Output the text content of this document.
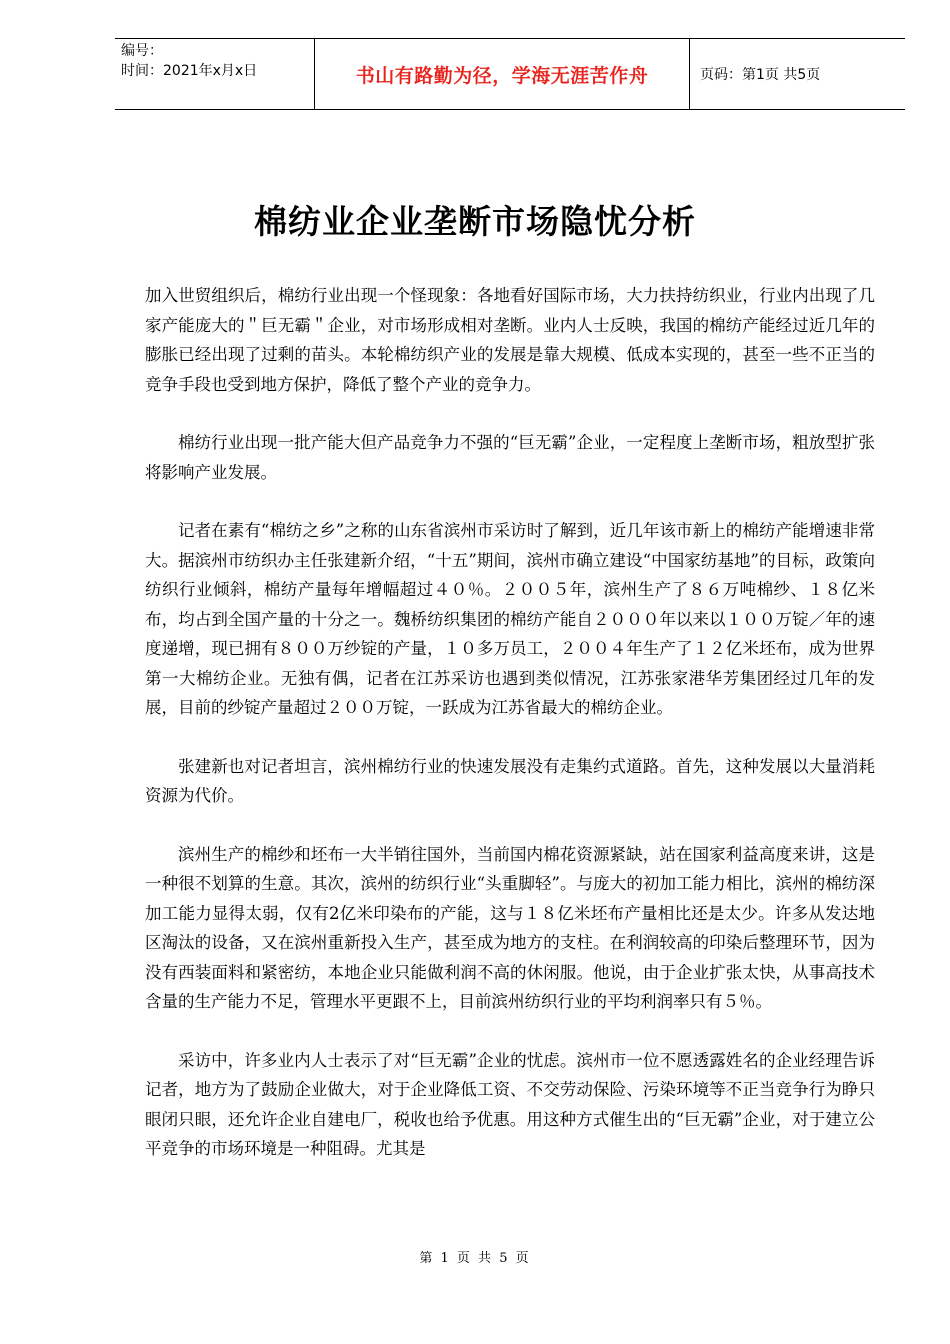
编号：
时间：2021年x月x日	书山有路勤为径，学海无涯苦作舟	页码：第1页 共5页
棉纺业企业垄断市场隐忧分析

加入世贸组织后，棉纺行业出现一个怪现象：各地看好国际市场，大力扶持纺织业，行业内出现了几家产能庞大的＂巨无霸＂企业，对市场形成相对垄断。业内人士反映，我国的棉纺产能经过近几年的膨胀已经出现了过剩的苗头。本轮棉纺织产业的发展是靠大规模、低成本实现的，甚至一些不正当的竞争手段也受到地方保护，降低了整个产业的竞争力。

棉纺行业出现一批产能大但产品竞争力不强的“巨无霸”企业，一定程度上垄断市场，粗放型扩张将影响产业发展。

记者在素有“棉纺之乡”之称的山东省滨州市采访时了解到，近几年该市新上的棉纺产能增速非常大。据滨州市纺织办主任张建新介绍，“十五”期间，滨州市确立建设“中国家纺基地”的目标，政策向纺织行业倾斜，棉纺产量每年增幅超过４０％。２００５年，滨州生产了８６万吨棉纱、１８亿米布，均占到全国产量的十分之一。魏桥纺织集团的棉纺产能自２０００年以来以１００万锭／年的速度递增，现已拥有８００万纱锭的产量，１０多万员工，２００４年生产了１２亿米坯布，成为世界第一大棉纺企业。无独有偶，记者在江苏采访也遇到类似情况，江苏张家港华芳集团经过几年的发展，目前的纱锭产量超过２００万锭，一跃成为江苏省最大的棉纺企业。

张建新也对记者坦言，滨州棉纺行业的快速发展没有走集约式道路。首先，这种发展以大量消耗资源为代价。

滨州生产的棉纱和坯布一大半销往国外，当前国内棉花资源紧缺，站在国家利益高度来讲，这是一种很不划算的生意。其次，滨州的纺织行业“头重脚轻”。与庞大的初加工能力相比，滨州的棉纺深加工能力显得太弱，仅有2亿米印染布的产能，这与１８亿米坯布产量相比还是太少。许多从发达地区淘汰的设备，又在滨州重新投入生产，甚至成为地方的支柱。在利润较高的印染后整理环节，因为没有西装面料和紧密纺，本地企业只能做利润不高的休闲服。他说，由于企业扩张太快，从事高技术含量的生产能力不足，管理水平更跟不上，目前滨州纺织行业的平均利润率只有５％。

采访中，许多业内人士表示了对“巨无霸”企业的忧虑。滨州市一位不愿透露姓名的企业经理告诉记者，地方为了鼓励企业做大，对于企业降低工资、不交劳动保险、污染环境等不正当竞争行为睁只眼闭只眼，还允许企业自建电厂，税收也给予优惠。用这种方式催生出的“巨无霸”企业，对于建立公平竞争的市场环境是一种阻碍。尤其是

第 1 页 共 5 页
